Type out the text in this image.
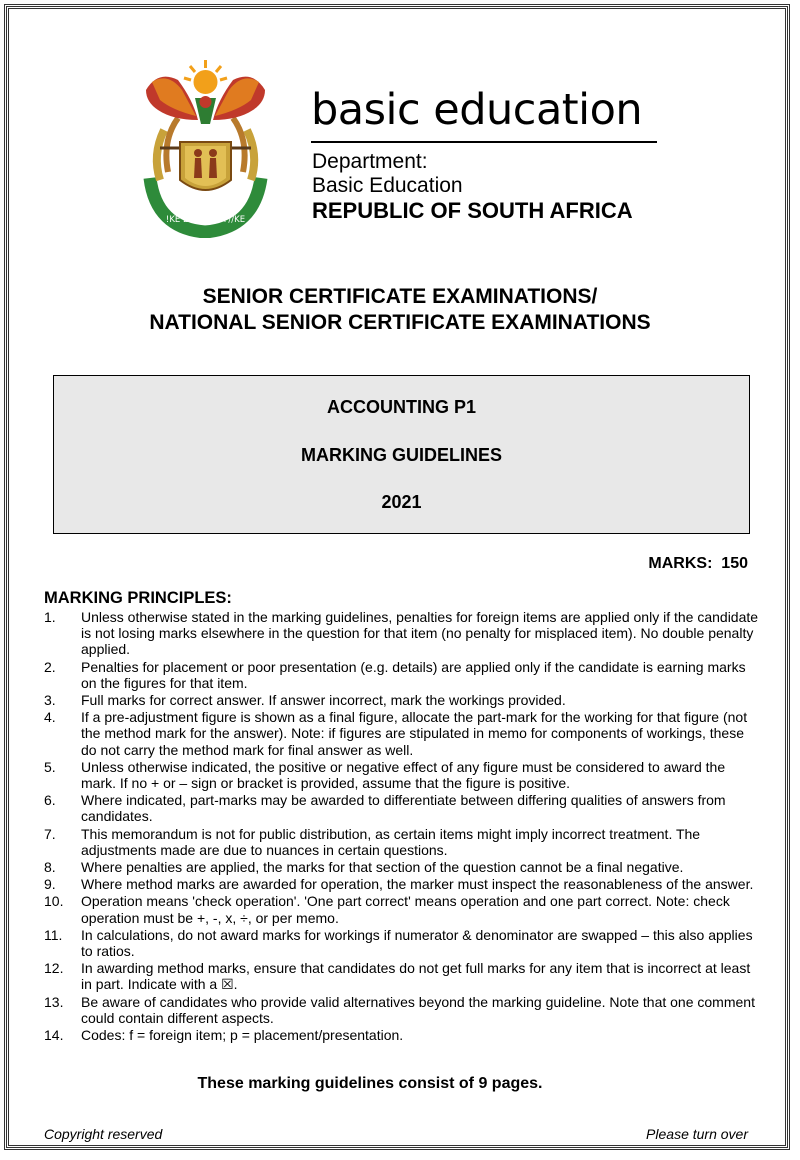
!KE E: /XARRA //KE
basic education
Department:
Basic Education
REPUBLIC OF SOUTH AFRICA
SENIOR CERTIFICATE EXAMINATIONS/
NATIONAL SENIOR CERTIFICATE EXAMINATIONS
ACCOUNTING P1
MARKING GUIDELINES
2021
MARKS:  150
MARKING PRINCIPLES:
1.	Unless otherwise stated in the marking guidelines, penalties for foreign items are applied only if the candidate is not losing marks elsewhere in the question for that item (no penalty for misplaced item). No double penalty applied.
2.	Penalties for placement or poor presentation (e.g. details) are applied only if the candidate is earning marks on the figures for that item.
3.	Full marks for correct answer. If answer incorrect, mark the workings provided.
4.	If a pre-adjustment figure is shown as a final figure, allocate the part-mark for the working for that figure (not the method mark for the answer). Note: if figures are stipulated in memo for components of workings, these do not carry the method mark for final answer as well.
5.	Unless otherwise indicated, the positive or negative effect of any figure must be considered to award the mark. If no + or – sign or bracket is provided, assume that the figure is positive.
6.	Where indicated, part-marks may be awarded to differentiate between differing qualities of answers from candidates.
7.	This memorandum is not for public distribution, as certain items might imply incorrect treatment. The adjustments made are due to nuances in certain questions.
8.	Where penalties are applied, the marks for that section of the question cannot be a final negative.
9.	Where method marks are awarded for operation, the marker must inspect the reasonableness of the answer.
10.	Operation means 'check operation'. 'One part correct' means operation and one part correct. Note: check operation must be +, -, x, ÷, or per memo.
11.	In calculations, do not award marks for workings if numerator & denominator are swapped – this also applies to ratios.
12.	In awarding method marks, ensure that candidates do not get full marks for any item that is incorrect at least in part. Indicate with a ☒.
13.	Be aware of candidates who provide valid alternatives beyond the marking guideline. Note that one comment could contain different aspects.
14.	Codes: f = foreign item; p = placement/presentation.
These marking guidelines consist of 9 pages.
Copyright reserved	Please turn over
